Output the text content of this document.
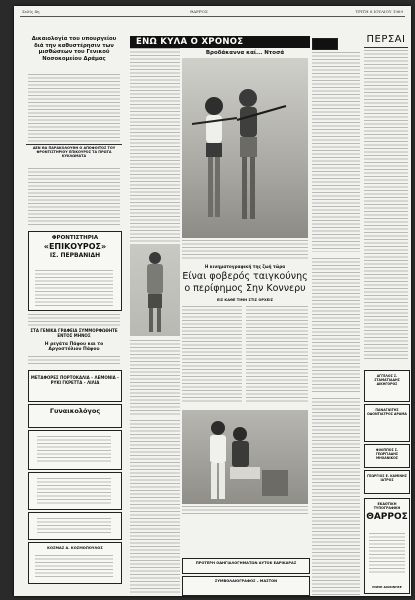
Σελίς 4η	ΘΑΡΡΟΣ	ΤΡΙΤΗ 8 ΙΟΥΛΙΟΥ 1969
Δικαιολογία του υπουργείου διά την καθυστέρησιν των μισθώσεων του Γενικού Νοσοκομείου Δράμας
ΔΕΝ ΘΑ ΠΑΡΑΚΟΛΟΥΘΗ Ο ΑΠΟΦΟΙΤΟΣ ΤΟΥ ΦΡΟΝΤΙΣΤΗΡΙΟΥ ΕΠΙΚΟΥΡΟΣ ΤΑ ΠΡΩΤΑ ΚΥΚΛΩΜΑΤΑ
ΦΡΟΝΤΙΣΤΗΡΙΑ
«ΕΠΙΚΟΥΡΟΣ»
ΙΣ. ΠΕΡΒΑΝΙΔΗ
ΣΤΑ ΓΕΝΙΚΑ ΓΡΑΦΕΙΑ ΣΥΜΜΟΡΦΩΘΗΤΕ ΕΝΤΟΣ ΜΗΝΟΣ
Η ρεγάτα Πάφου και το Αργοστόλιον Πάφου
ΜΕΤΑΦΟΡΕΣ ΠΟΡΤΟΚΑΛΙΑ – ΛΕΜΟΝΙΑ – ΡΥΚΙ ΓΚΡΕΤΤΑ – ΛΙΛΙΑ
Γυναικολόγος
ΚΟΣΜΑΣ Α. ΚΟΣΜΟΠΟΥΛΟΣ
ΕΝΩ ΚΥΛΑ Ο ΧΡΟΝΟΣ
Βροδάκαννα καί... Ντοσά
Η κινηματογραφική της ζωή τώρα
Είναι φοβερός ταιγκούνης ο περίφημος Σην Κοννερυ
ΕΙΣ ΚΑΘΕ ΤΙΜΗ ΣΤΙΣ ΟΡΧΕΙΣ
ΠΡΟΤΕΡΗ ΟΔΗΓΙΑΛΟΓΗΜΑΤΩΝ ΑΥΤΟΚ ΕΔΡΙΚΑΡΑΣ
ΣΥΜΒΟΛΑΙΟΓΡΑΦΟΣ – ΜΑΣΤΟΝ
ΠΕΡΣΑΙ
ΑΓΓΕΛΟΣ Σ. ΣΤΑΜΑΤΙΑΔΗΣ ΔΙΚΗΓΟΡΟΣ
ΠΑΝΑΓΙΩΤΗΣ ΟΔΟΝΤΙΑΤΡΟΣ ΔΡΑΜΑ
ΦΙΛΙΠΠΟΣ Σ. ΓΕΩΡΓΙΑΔΗΣ ΜΗΧΑΝΙΚΟΣ
ΓΕΩΡΓΙΟΣ Ε. ΚΑΜΙΝΗΣ ΙΑΤΡΟΣ
ΕΚΔΟΤΙΚΗ ΤΥΠΟΓΡΑΦΙΚΗ
ΘΑΡΡΟΣ
ΡΩΜΗ ΔΙΑΚΙΝΗΣΕ
